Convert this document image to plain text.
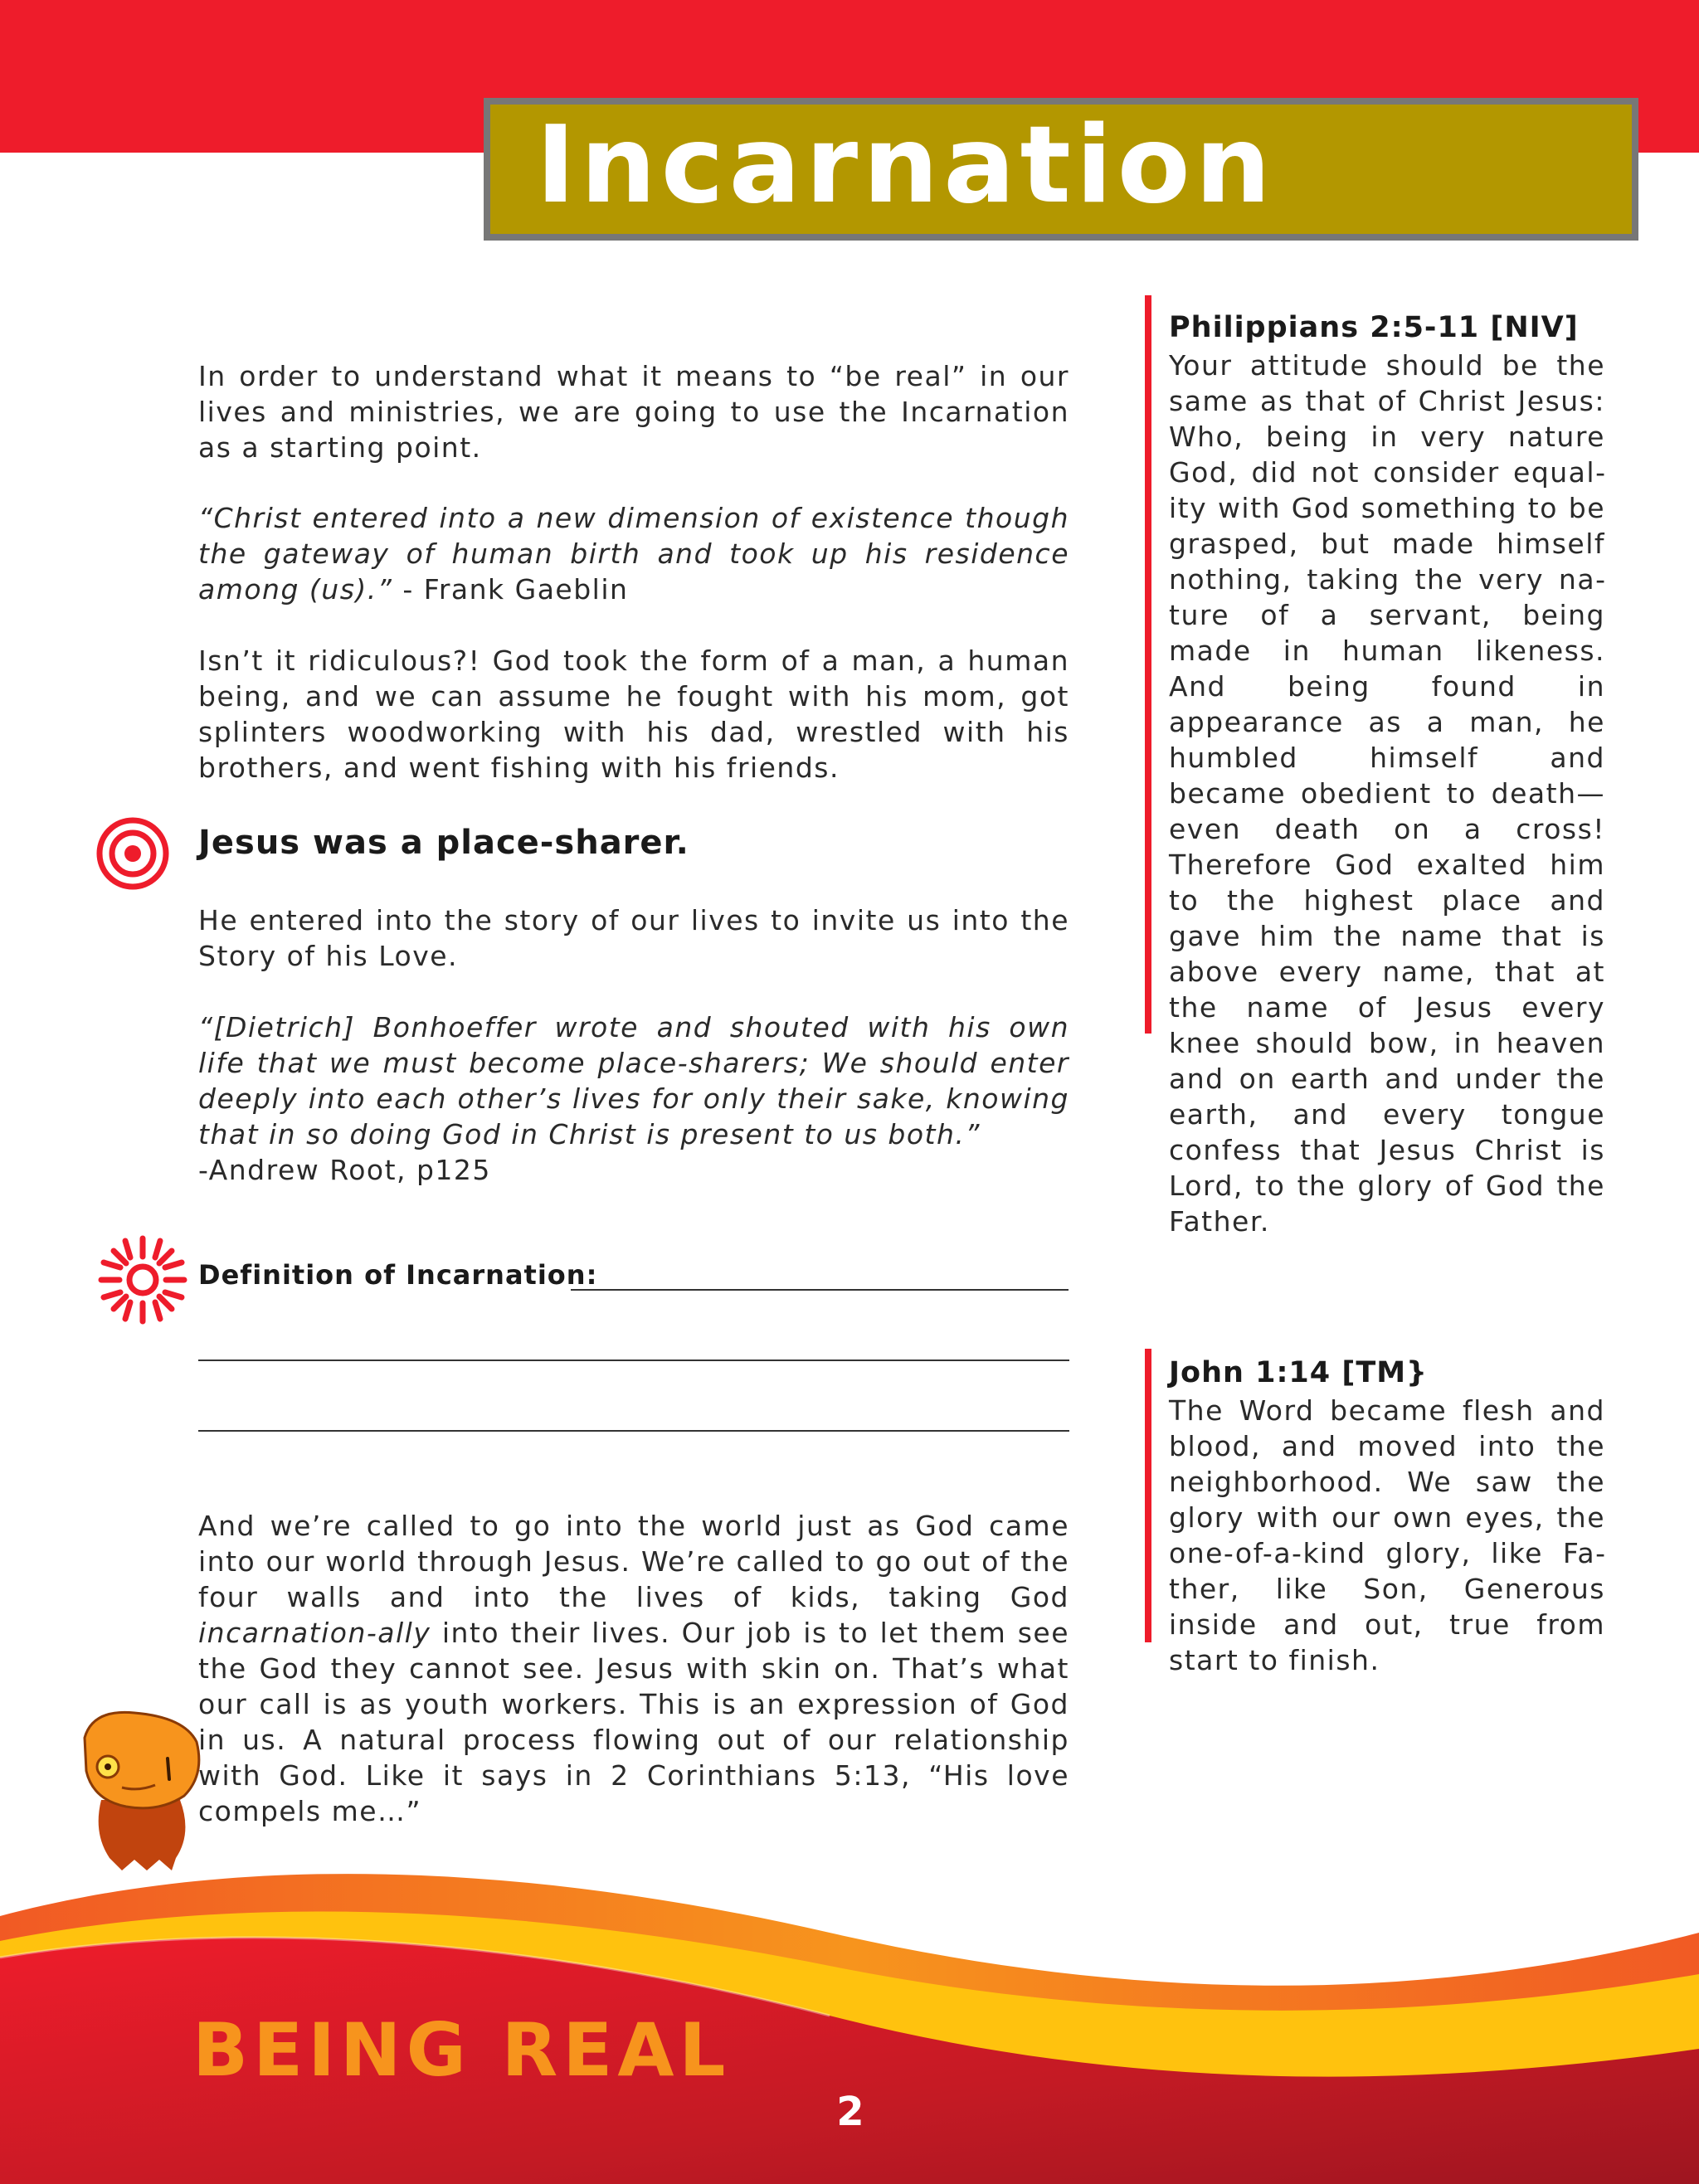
Incarnation

In order to understand what it means to “be real” in our lives and ministries, we are going to use the Incarnation as a starting point.

“Christ entered into a new dimension of existence though the gateway of human birth and took up his residence among (us).” - Frank Gaeblin

Isn’t it ridiculous?! God took the form of a man, a human being, and we can assume he fought with his mom, got splinters woodworking with his dad, wrestled with his brothers, and went fishing with his friends.

Jesus was a place-sharer.

He entered into the story of our lives to invite us into the Story of his Love.

“[Dietrich] Bonhoeffer wrote and shouted with his own life that we must become place-sharers; We should enter deeply into each other’s lives for only their sake, knowing that in so doing God in Christ is present to us both.”

-Andrew Root, p125

Definition of Incarnation:

And we’re called to go into the world just as God came into our world through Jesus. We’re called to go out of the four walls and into the lives of kids, taking God incarnation-ally into their lives. Our job is to let them see the God they cannot see. Jesus with skin on. That’s what our call is as youth workers. This is an expression of God in us. A natural process flowing out of our relationship with God. Like it says in 2 Corinthians 5:13, “His love compels me…”

Philippians 2:5-11 [NIV]

Your attitude should be the same as that of Christ Jesus: Who, being in very nature God, did not consider equality with God something to be grasped, but made himself nothing, taking the very nature of a servant, being made in human likeness. And being found in appearance as a man, he humbled himself and became obedient to death—even death on a cross! Therefore God exalted him to the highest place and gave him the name that is above every name, that at the name of Jesus every knee should bow, in heaven and on earth and under the earth, and every tongue confess that Jesus Christ is Lord, to the glory of God the Father.

John 1:14 [TM}

The Word became flesh and blood, and moved into the neighborhood. We saw the glory with our own eyes, the one-of-a-kind glory, like Father, like Son, Generous inside and out, true from start to finish.

BEING REAL
2
